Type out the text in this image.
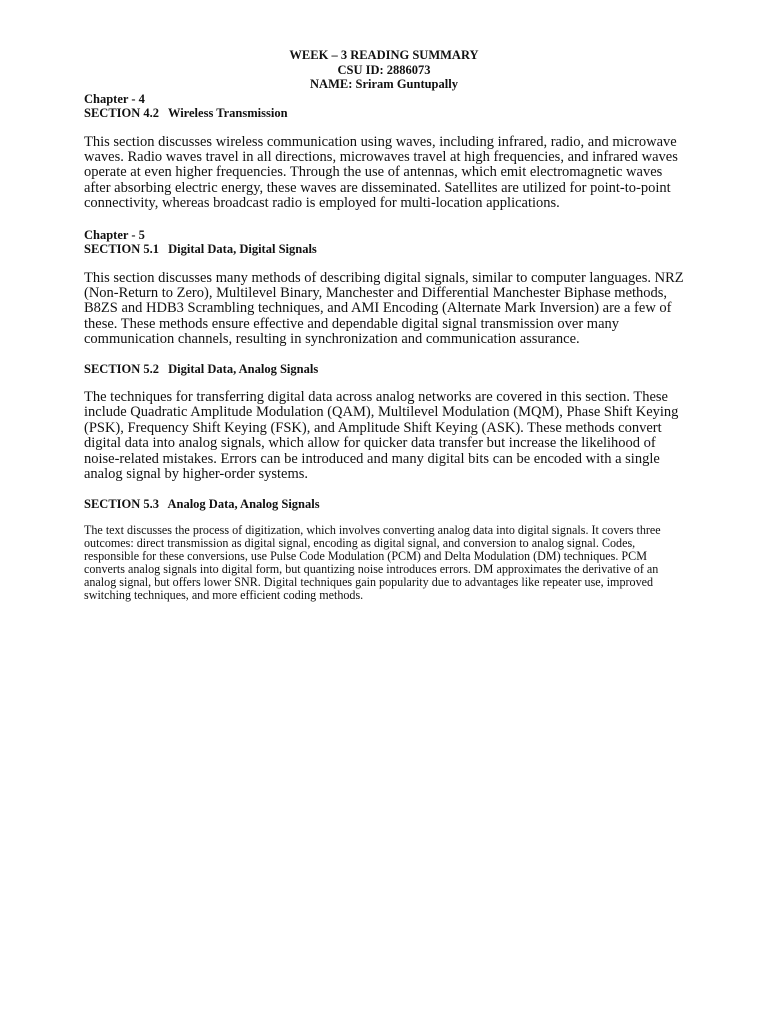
WEEK – 3 READING SUMMARY
CSU ID: 2886073
NAME: Sriram Guntupally
Chapter - 4
SECTION 4.2 Wireless Transmission

This section discusses wireless communication using waves, including infrared, radio, and microwave waves. Radio waves travel in all directions, microwaves travel at high frequencies, and infrared waves operate at even higher frequencies. Through the use of antennas, which emit electromagnetic waves after absorbing electric energy, these waves are disseminated. Satellites are utilized for point-to-point connectivity, whereas broadcast radio is employed for multi-location applications.

Chapter - 5
SECTION 5.1 Digital Data, Digital Signals

This section discusses many methods of describing digital signals, similar to computer languages. NRZ (Non-Return to Zero), Multilevel Binary, Manchester and Differential Manchester Biphase methods, B8ZS and HDB3 Scrambling techniques, and AMI Encoding (Alternate Mark Inversion) are a few of these. These methods ensure effective and dependable digital signal transmission over many communication channels, resulting in synchronization and communication assurance.

SECTION 5.2 Digital Data, Analog Signals

The techniques for transferring digital data across analog networks are covered in this section. These include Quadratic Amplitude Modulation (QAM), Multilevel Modulation (MQM), Phase Shift Keying (PSK), Frequency Shift Keying (FSK), and Amplitude Shift Keying (ASK). These methods convert digital data into analog signals, which allow for quicker data transfer but increase the likelihood of noise-related mistakes. Errors can be introduced and many digital bits can be encoded with a single analog signal by higher-order systems.

SECTION 5.3 Analog Data, Analog Signals

The text discusses the process of digitization, which involves converting analog data into digital signals. It covers three outcomes: direct transmission as digital signal, encoding as digital signal, and conversion to analog signal. Codes, responsible for these conversions, use Pulse Code Modulation (PCM) and Delta Modulation (DM) techniques. PCM converts analog signals into digital form, but quantizing noise introduces errors. DM approximates the derivative of an analog signal, but offers lower SNR. Digital techniques gain popularity due to advantages like repeater use, improved switching techniques, and more efficient coding methods.
